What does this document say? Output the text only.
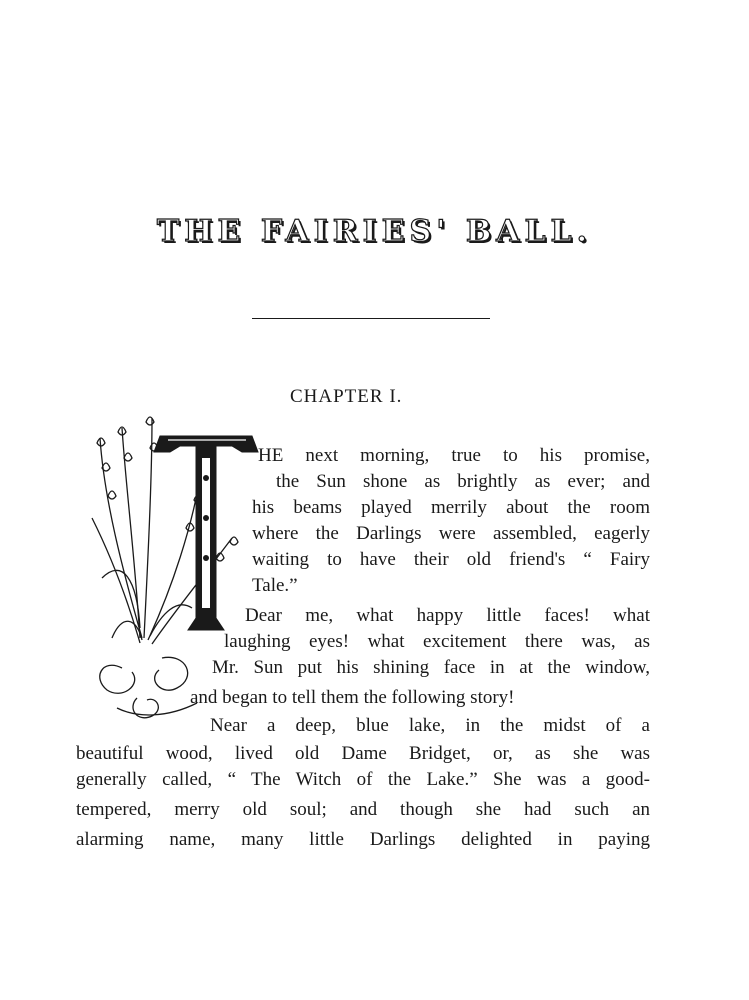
THE FAIRIES' BALL.
CHAPTER I.
HE next morning, true to his promise,
the Sun shone as brightly as ever; and
his beams played merrily about the room
where the Darlings were assembled, eagerly
waiting to have their old friend's “ Fairy
Tale.”
Dear me, what happy little faces! what
laughing eyes! what excitement there was, as
Mr. Sun put his shining face in at the window,
and began to tell them the following story!
Near a deep, blue lake, in the midst of a
beautiful wood, lived old Dame Bridget, or, as she was
generally called, “ The Witch of the Lake.” She was a good-
tempered, merry old soul; and though she had such an
alarming name, many little Darlings delighted in paying
